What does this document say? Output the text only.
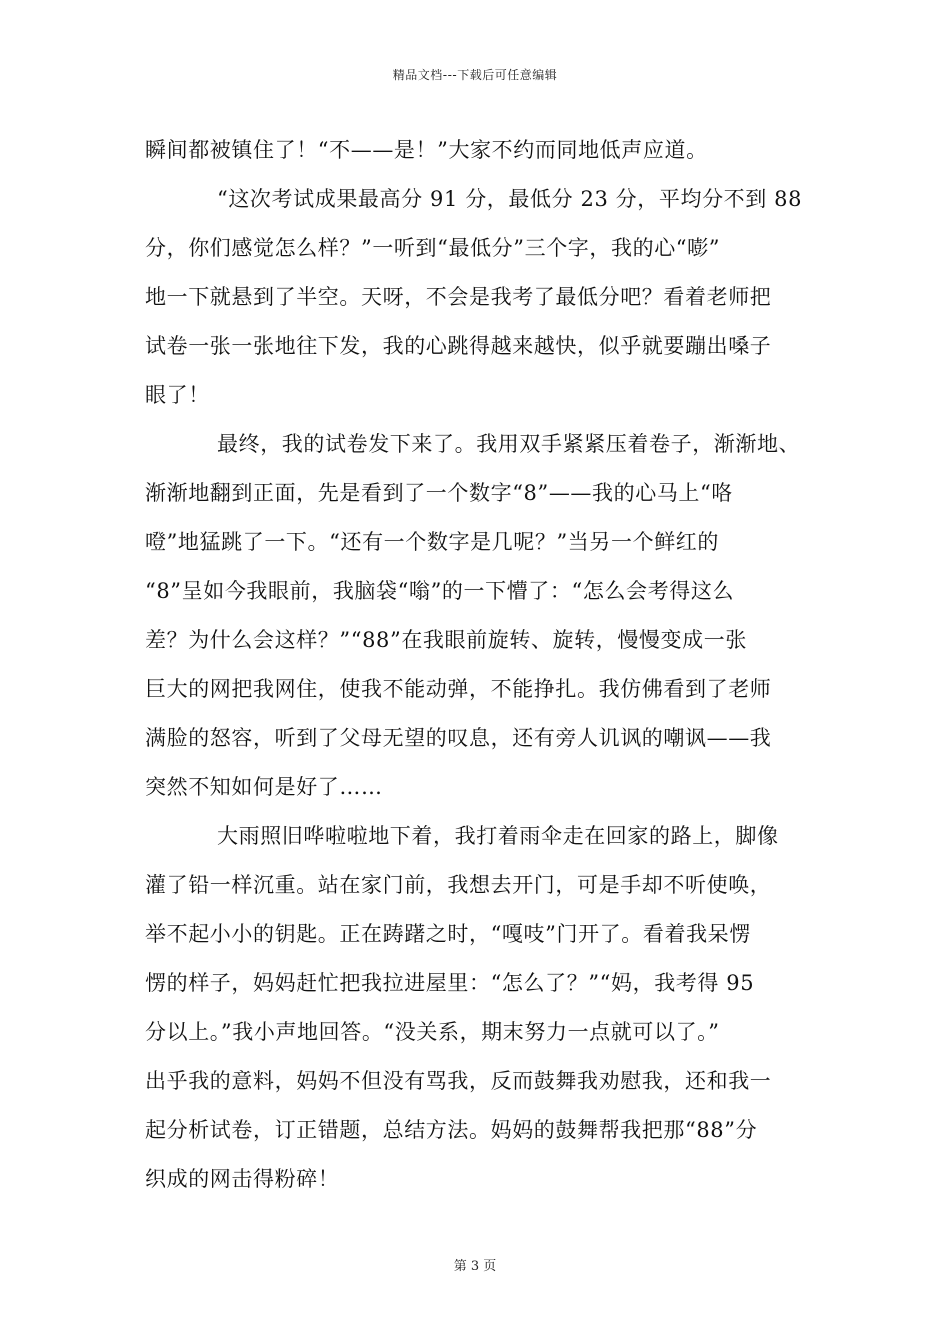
精品文档---下载后可任意编辑
瞬间都被镇住了！“不——是！”大家不约而同地低声应道。
“这次考试成果最高分 91 分，最低分 23 分，平均分不到 88
分，你们感觉怎么样？”一听到“最低分”三个字，我的心“嘭”
地一下就悬到了半空。天呀，不会是我考了最低分吧？看着老师把
试卷一张一张地往下发，我的心跳得越来越快，似乎就要蹦出嗓子
眼了！
最终，我的试卷发下来了。我用双手紧紧压着卷子，渐渐地、
渐渐地翻到正面，先是看到了一个数字“8”——我的心马上“咯
噔”地猛跳了一下。“还有一个数字是几呢？”当另一个鲜红的
“8”呈如今我眼前，我脑袋“嗡”的一下懵了：“怎么会考得这么
差？为什么会这样？”“88”在我眼前旋转、旋转，慢慢变成一张
巨大的网把我网住，使我不能动弹，不能挣扎。我仿佛看到了老师
满脸的怒容，听到了父母无望的叹息，还有旁人讥讽的嘲讽——我
突然不知如何是好了……
大雨照旧哗啦啦地下着，我打着雨伞走在回家的路上，脚像
灌了铅一样沉重。站在家门前，我想去开门，可是手却不听使唤，
举不起小小的钥匙。正在踌躇之时，“嘎吱”门开了。看着我呆愣
愣的样子，妈妈赶忙把我拉进屋里：“怎么了？”“妈，我考得 95
分以上。”我小声地回答。“没关系，期末努力一点就可以了。”
出乎我的意料，妈妈不但没有骂我，反而鼓舞我劝慰我，还和我一
起分析试卷，订正错题，总结方法。妈妈的鼓舞帮我把那“88”分
织成的网击得粉碎！
第 3 页
